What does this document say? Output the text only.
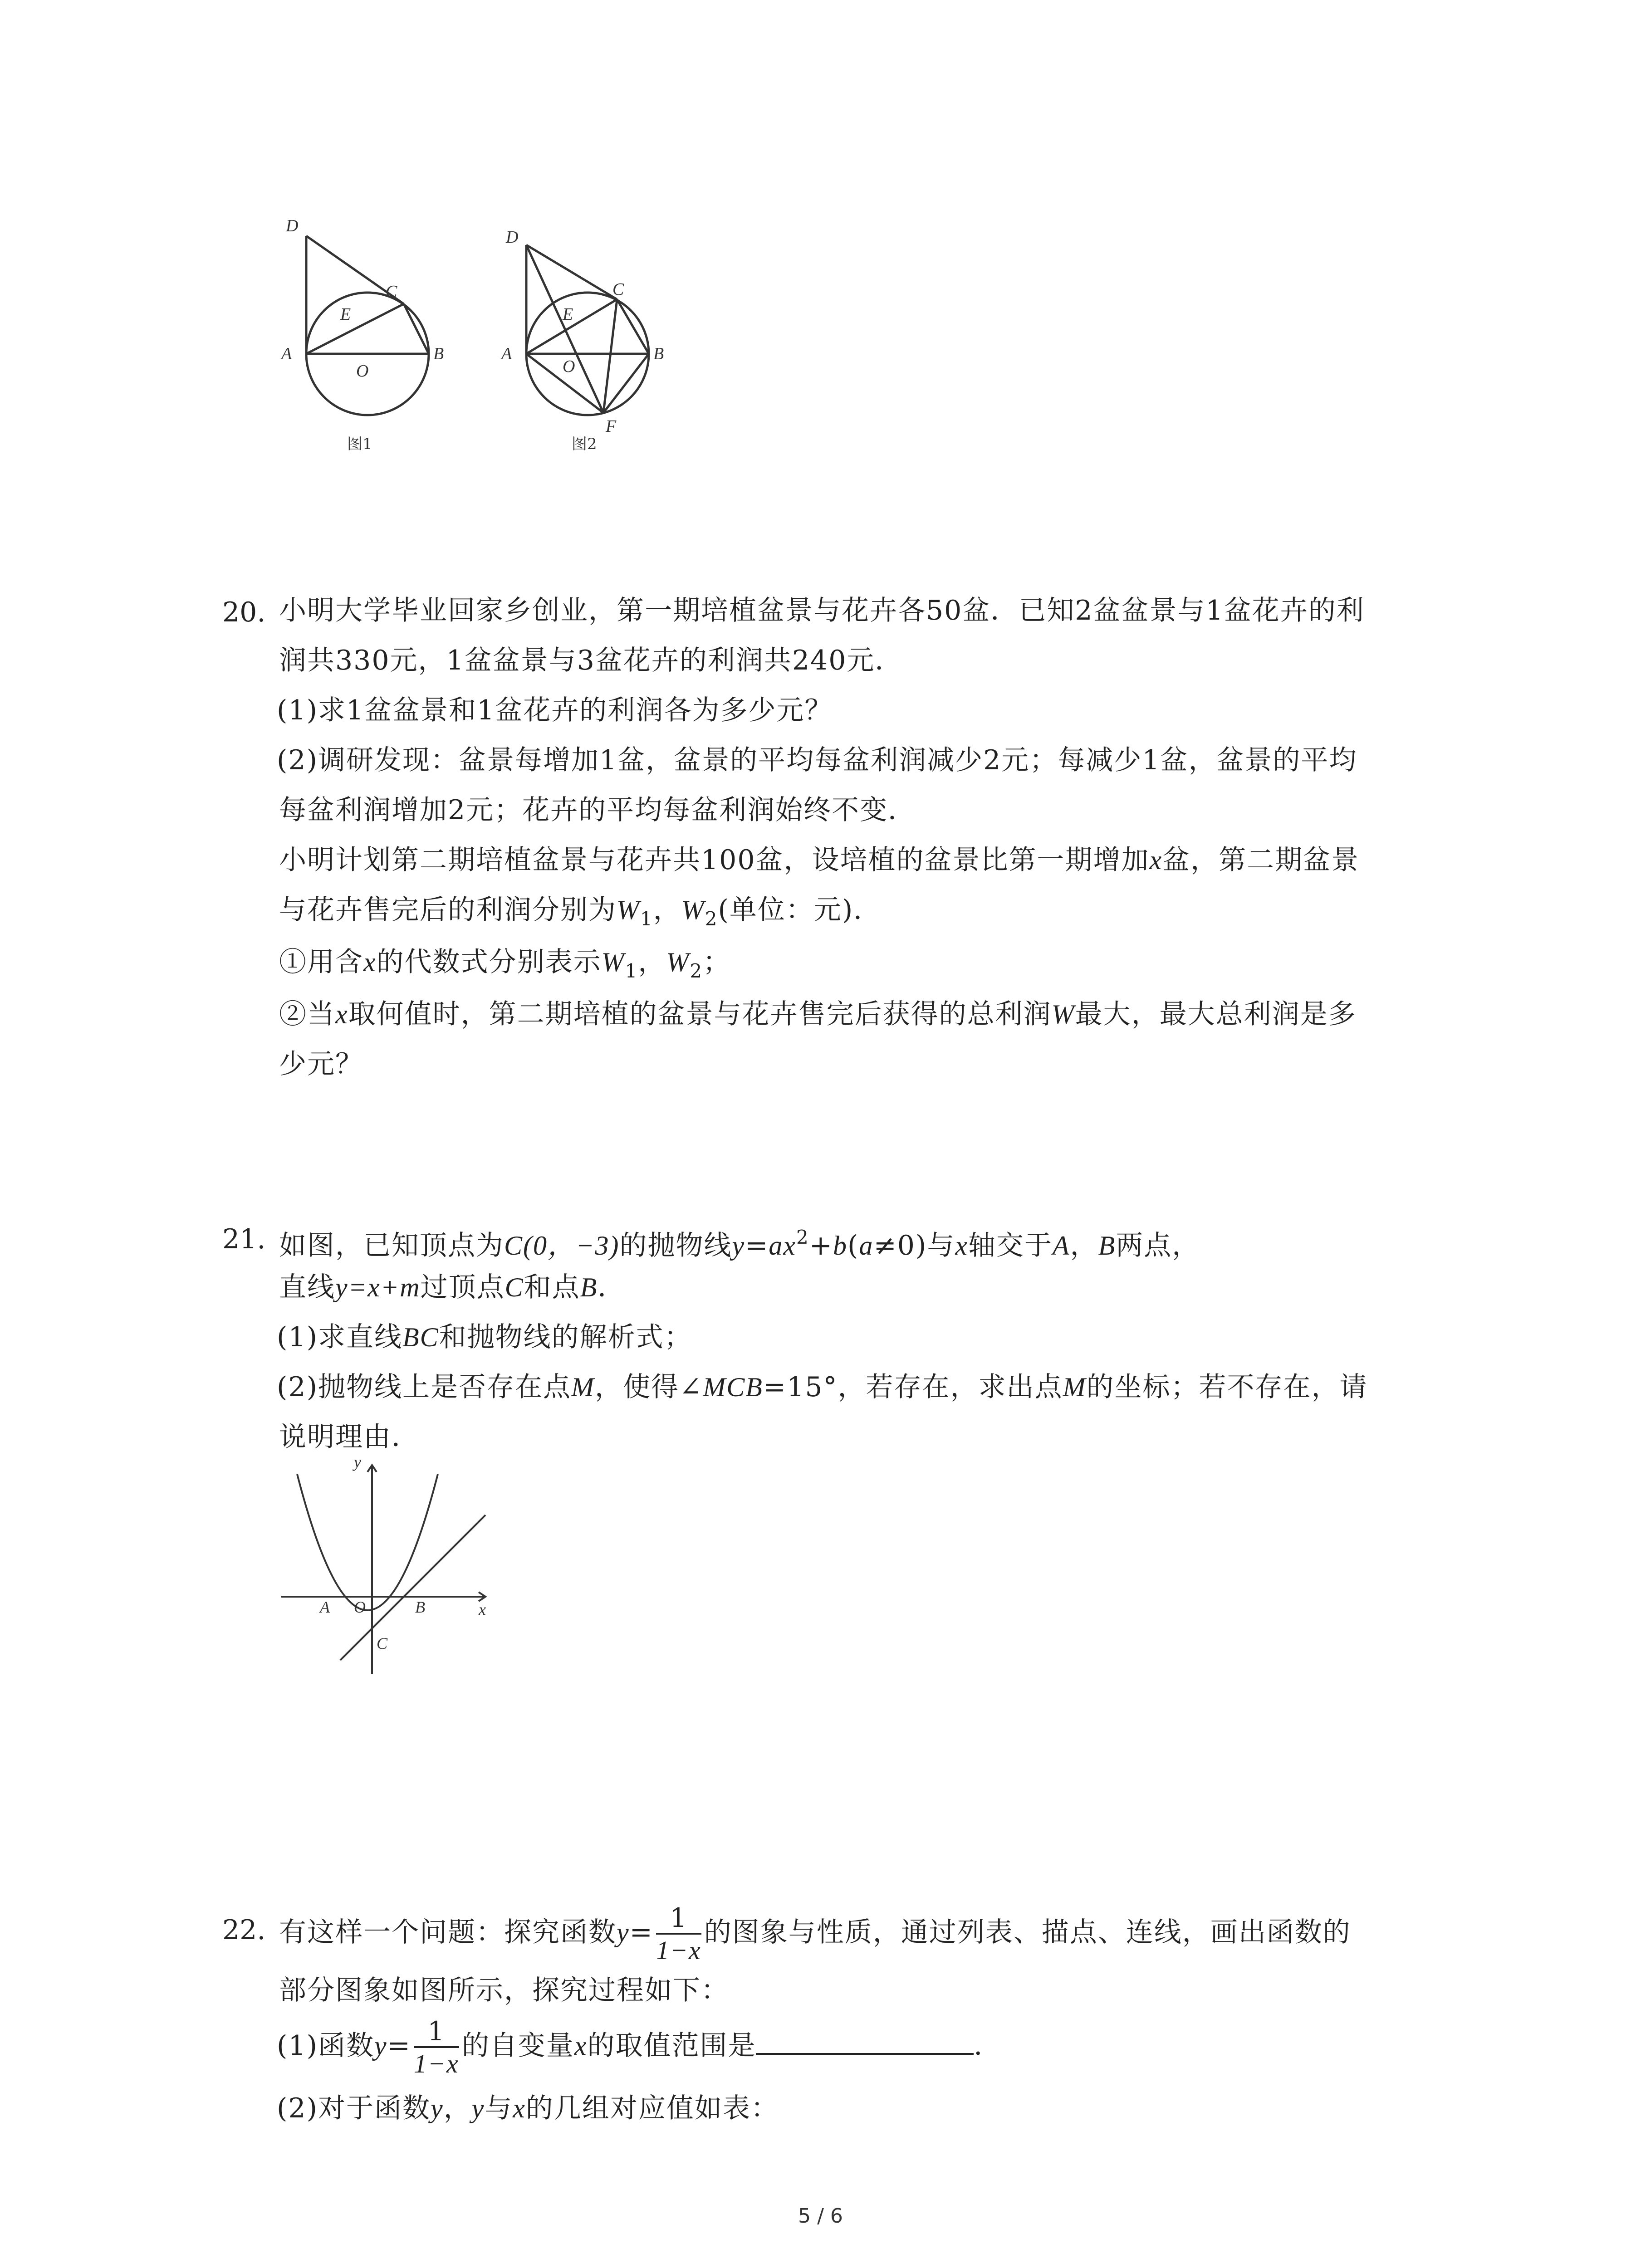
D
E
C
A
O
B
图1
D
E
C
A
O
B
F
图2
20. 小明大学毕业回家乡创业，第一期培植盆景与花卉各50盆．已知2盆盆景与1盆花卉的利
润共330元，1盆盆景与3盆花卉的利润共240元．
(1)求1盆盆景和1盆花卉的利润各为多少元？
(2)调研发现：盆景每增加1盆，盆景的平均每盆利润减少2元；每减少1盆，盆景的平均
每盆利润增加2元；花卉的平均每盆利润始终不变．
小明计划第二期培植盆景与花卉共100盆，设培植的盆景比第一期增加x盆，第二期盆景
与花卉售完后的利润分别为$W_1$，$W_2$(单位：元)．
①用含x的代数式分别表示$W_1$，$W_2$；
②当x取何值时，第二期培植的盆景与花卉售完后获得的总利润W最大，最大总利润是多
少元？
21. 如图，已知顶点为C(0，−3)的抛物线$y=ax^2+b(a\ne 0)$与x轴交于A，B两点，
直线y=x+m过顶点C和点B．
(1)求直线BC和抛物线的解析式；
(2)抛物线上是否存在点M，使得∠MCB=15°，若存在，求出点M的坐标；若不存在，请
说明理由．
y
x
A O	B
C
22. 有这样一个问题：探究函数$y= \frac{1}{1-x}$ 的图象与性质，通过列表、描点、连线，画出函数的
部分图象如图所示，探究过程如下：
(1)函数$y= \frac{1}{1-x}$ 的自变量x的取值范围是	．
(2)对于函数y，y与x的几组对应值如表：
5 / 6
